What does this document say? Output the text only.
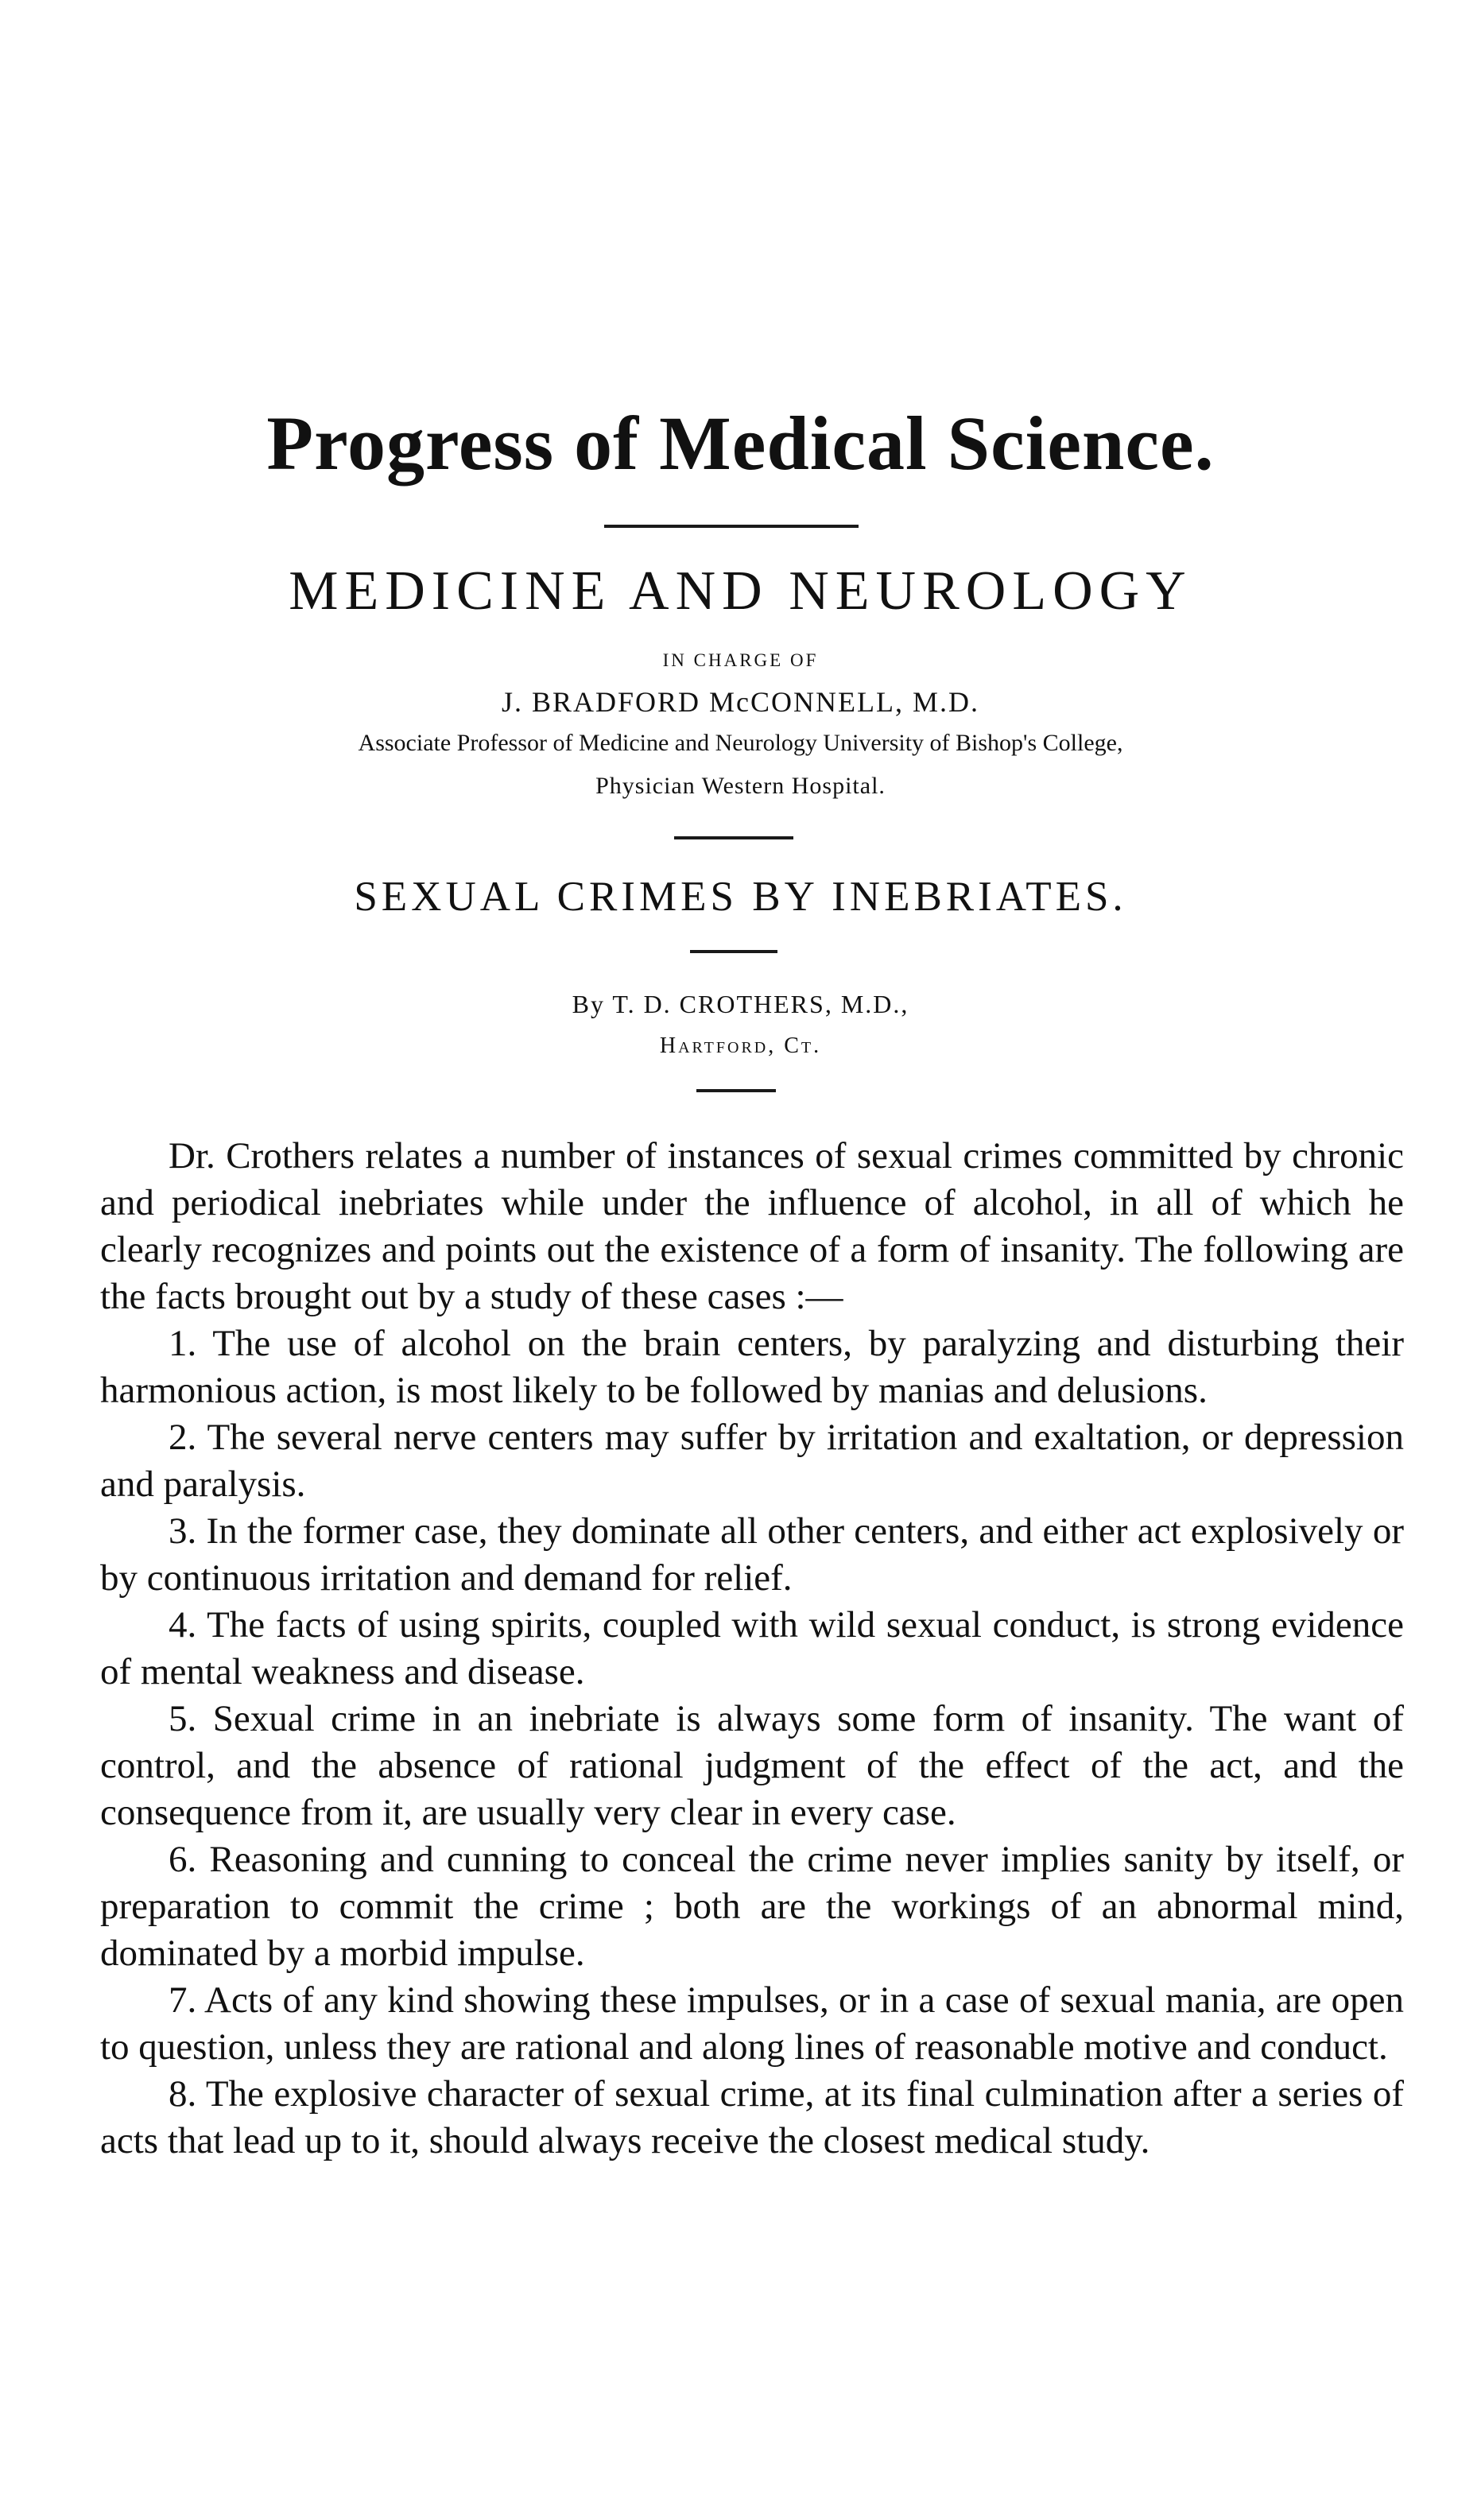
Progress of Medical Science.
MEDICINE AND NEUROLOGY
IN CHARGE OF
J. BRADFORD McCONNELL, M.D.
Associate Professor of Medicine and Neurology University of Bishop's College,
Physician Western Hospital.
SEXUAL CRIMES BY INEBRIATES.
By T. D. CROTHERS, M.D.,
Hartford, Ct.

Dr. Crothers relates a number of instances of sexual crimes committed by chronic and periodical inebriates while under the influence of alcohol, in all of which he clearly recognizes and points out the existence of a form of insanity. The following are the facts brought out by a study of these cases :—

1. The use of alcohol on the brain centers, by paralyzing and disturbing their harmonious action, is most likely to be followed by manias and delusions.

2. The several nerve centers may suffer by irritation and exaltation, or depression and paralysis.

3. In the former case, they dominate all other centers, and either act explosively or by continuous irritation and demand for relief.

4. The facts of using spirits, coupled with wild sexual conduct, is strong evidence of mental weakness and disease.

5. Sexual crime in an inebriate is always some form of insanity. The want of control, and the absence of rational judgment of the effect of the act, and the consequence from it, are usually very clear in every case.

6. Reasoning and cunning to conceal the crime never implies sanity by itself, or preparation to commit the crime ; both are the workings of an abnormal mind, dominated by a morbid impulse.

7. Acts of any kind showing these impulses, or in a case of sexual mania, are open to question, unless they are rational and along lines of reasonable motive and conduct.

8. The explosive character of sexual crime, at its final culmination after a series of acts that lead up to it, should always receive the closest medical study.
